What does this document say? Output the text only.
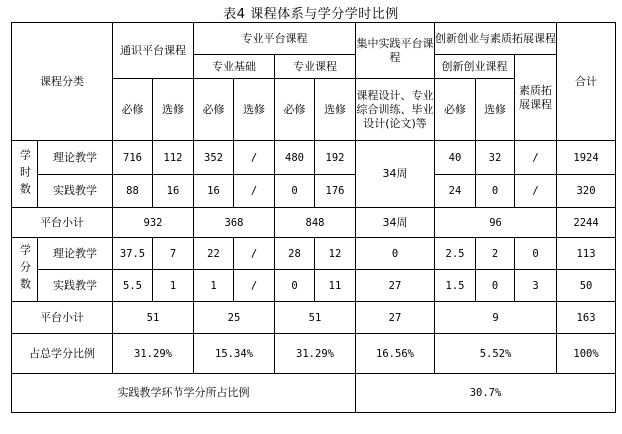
表4 课程体系与学分学时比例
课程分类		通识平台课程		专业平台课程				集中实践平台课程	创新创业与素质拓展课程			合计
				专业基础		专业课程			创新创业课程		素质拓展课程	
		必修	选修	必修	选修	必修	选修	课程设计、专业综合训练、毕业设计(论文)等	必修	选修		
学时数	理论教学	716	112	352	/	480	192	34周	40	32	/	1924
	实践教学	88	16	16	/	0	176		24	0	/	320
平台小计		932		368		848		34周	96			2244
学分数	理论教学	37.5	7	22	/	28	12	0	2.5	2	0	113
	实践教学	5.5	1	1	/	0	11	27	1.5	0	3	50
平台小计		51		25		51		27	9			163
占总学分比例		31.29%		15.34%		31.29%		16.56%	5.52%			100%
实践教学环节学分所占比例								30.7%				
